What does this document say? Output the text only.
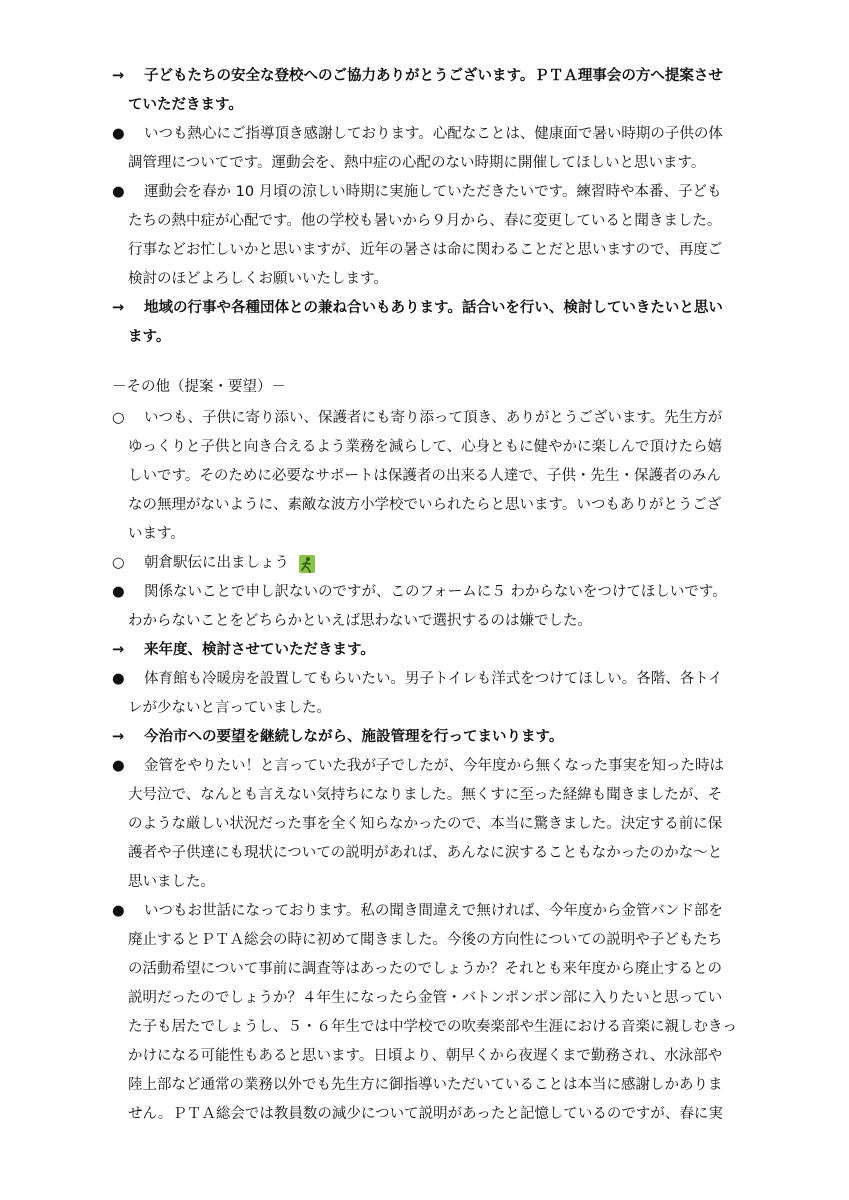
→ 子どもたちの安全な登校へのご協力ありがとうございます。ＰＴＡ理事会の方へ提案させ
ていただきます。
● いつも熱心にご指導頂き感謝しております。心配なことは、健康面で暑い時期の子供の体
調管理についてです。運動会を、熱中症の心配のない時期に開催してほしいと思います。
● 運動会を春か 10 月頃の涼しい時期に実施していただきたいです。練習時や本番、子ども
たちの熱中症が心配です。他の学校も暑いから９月から、春に変更していると聞きました。
行事などお忙しいかと思いますが、近年の暑さは命に関わることだと思いますので、再度ご
検討のほどよろしくお願いいたします。
→ 地域の行事や各種団体との兼ね合いもあります。話合いを行い、検討していきたいと思い
ます。
－その他（提案・要望）－
○ いつも、子供に寄り添い、保護者にも寄り添って頂き、ありがとうございます。先生方が
ゆっくりと子供と向き合えるよう業務を減らして、心身ともに健やかに楽しんで頂けたら嬉
しいです。そのために必要なサポートは保護者の出来る人達で、子供・先生・保護者のみん
なの無理がないように、素敵な波方小学校でいられたらと思います。いつもありがとうござ
います。
○ 朝倉駅伝に出ましょう
● 関係ないことで申し訳ないのですが、このフォームに５ わからないをつけてほしいです。
わからないことをどちらかといえば思わないで選択するのは嫌でした。
→ 来年度、検討させていただきます。
● 体育館も冷暖房を設置してもらいたい。男子トイレも洋式をつけてほしい。各階、各トイ
レが少ないと言っていました。
→ 今治市への要望を継続しながら、施設管理を行ってまいります。
● 金管をやりたい！と言っていた我が子でしたが、今年度から無くなった事実を知った時は
大号泣で、なんとも言えない気持ちになりました。無くすに至った経緯も聞きましたが、そ
のような厳しい状況だった事を全く知らなかったので、本当に驚きました。決定する前に保
護者や子供達にも現状についての説明があれば、あんなに涙することもなかったのかな～と
思いました。
● いつもお世話になっております。私の聞き間違えで無ければ、今年度から金管バンド部を
廃止するとＰＴＡ総会の時に初めて聞きました。今後の方向性についての説明や子どもたち
の活動希望について事前に調査等はあったのでしょうか？それとも来年度から廃止するとの
説明だったのでしょうか？４年生になったら金管・バトンポンポン部に入りたいと思ってい
た子も居たでしょうし、５・６年生では中学校での吹奏楽部や生涯における音楽に親しむきっ
かけになる可能性もあると思います。日頃より、朝早くから夜遅くまで勤務され、水泳部や
陸上部など通常の業務以外でも先生方に御指導いただいていることは本当に感謝しかありま
せん。ＰＴＡ総会では教員数の減少について説明があったと記憶しているのですが、春に実
